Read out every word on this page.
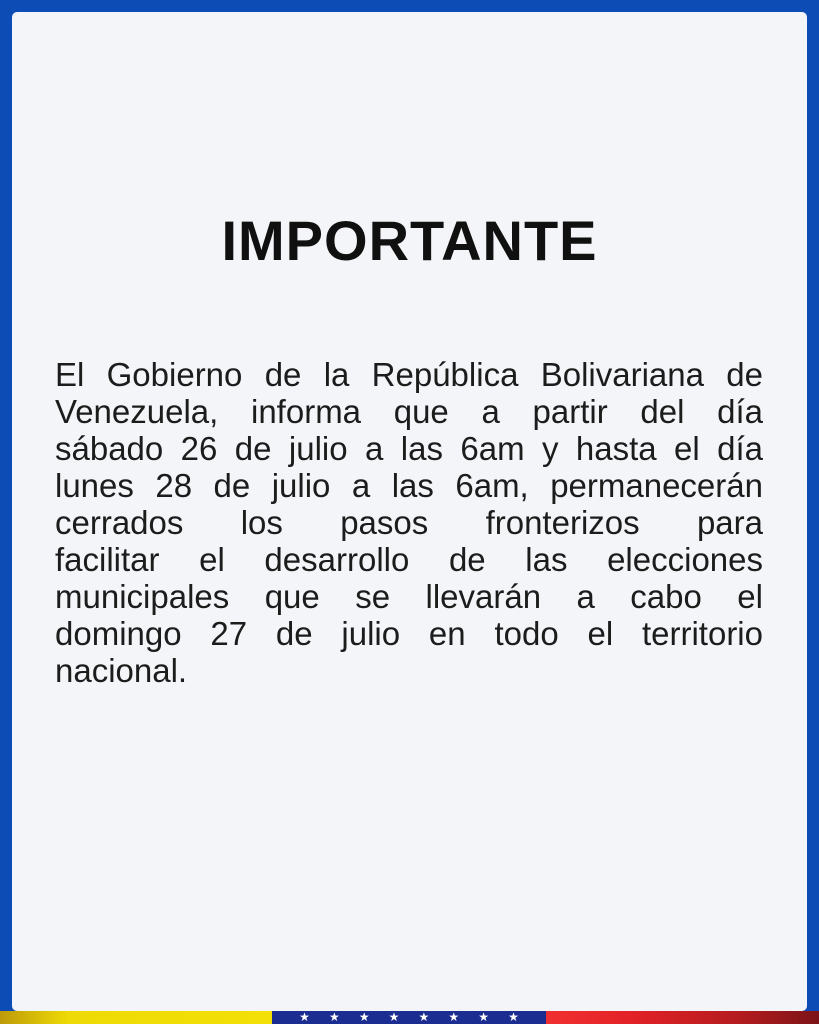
IMPORTANTE
El Gobierno de la República Bolivariana de
Venezuela, informa que a partir del día
sábado 26 de julio a las 6am y hasta el día
lunes 28 de julio a las 6am, permanecerán
cerrados los pasos fronterizos para
facilitar el desarrollo de las elecciones
municipales que se llevarán a cabo el
domingo 27 de julio en todo el territorio
nacional.
★ ★ ★ ★ ★ ★ ★ ★
